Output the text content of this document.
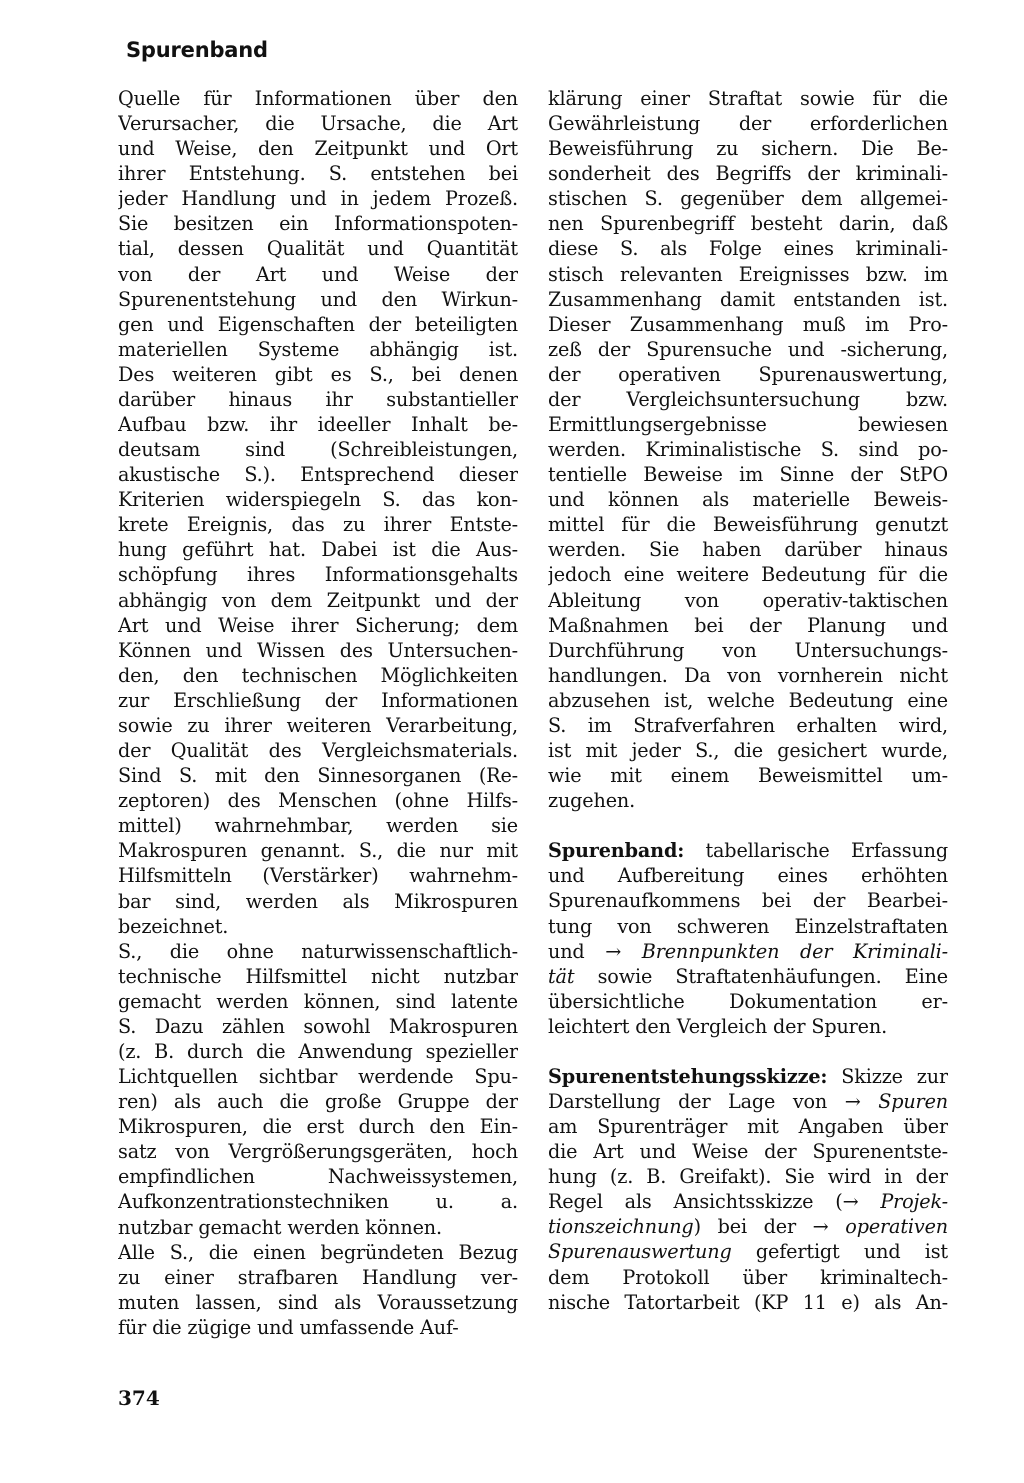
Spurenband
Quelle für Informationen über den
Verursacher, die Ursache, die Art
und Weise, den Zeitpunkt und Ort
ihrer Entstehung. S. entstehen bei
jeder Handlung und in jedem Prozeß.
Sie besitzen ein Informationspoten-
tial, dessen Qualität und Quantität
von der Art und Weise der
Spurenentstehung und den Wirkun-
gen und Eigenschaften der beteiligten
materiellen Systeme abhängig ist.
Des weiteren gibt es S., bei denen
darüber hinaus ihr substantieller
Aufbau bzw. ihr ideeller Inhalt be-
deutsam sind (Schreibleistungen,
akustische S.). Entsprechend dieser
Kriterien widerspiegeln S. das kon-
krete Ereignis, das zu ihrer Entste-
hung geführt hat. Dabei ist die Aus-
schöpfung ihres Informationsgehalts
abhängig von dem Zeitpunkt und der
Art und Weise ihrer Sicherung; dem
Können und Wissen des Untersuchen-
den, den technischen Möglichkeiten
zur Erschließung der Informationen
sowie zu ihrer weiteren Verarbeitung,
der Qualität des Vergleichsmaterials.
Sind S. mit den Sinnesorganen (Re-
zeptoren) des Menschen (ohne Hilfs-
mittel) wahrnehmbar, werden sie
Makrospuren genannt. S., die nur mit
Hilfsmitteln (Verstärker) wahrnehm-
bar sind, werden als Mikrospuren
bezeichnet.
S., die ohne naturwissenschaftlich-
technische Hilfsmittel nicht nutzbar
gemacht werden können, sind latente
S. Dazu zählen sowohl Makrospuren
(z. B. durch die Anwendung spezieller
Lichtquellen sichtbar werdende Spu-
ren) als auch die große Gruppe der
Mikrospuren, die erst durch den Ein-
satz von Vergrößerungsgeräten, hoch
empfindlichen Nachweissystemen,
Aufkonzentrationstechniken u. a.
nutzbar gemacht werden können.
Alle S., die einen begründeten Bezug
zu einer strafbaren Handlung ver-
muten lassen, sind als Voraussetzung
für die zügige und umfassende Auf-
klärung einer Straftat sowie für die
Gewährleistung der erforderlichen
Beweisführung zu sichern. Die Be-
sonderheit des Begriffs der kriminali-
stischen S. gegenüber dem allgemei-
nen Spurenbegriff besteht darin, daß
diese S. als Folge eines kriminali-
stisch relevanten Ereignisses bzw. im
Zusammenhang damit entstanden ist.
Dieser Zusammenhang muß im Pro-
zeß der Spurensuche und -sicherung,
der operativen Spurenauswertung,
der Vergleichsuntersuchung bzw.
Ermittlungsergebnisse bewiesen
werden. Kriminalistische S. sind po-
tentielle Beweise im Sinne der StPO
und können als materielle Beweis-
mittel für die Beweisführung genutzt
werden. Sie haben darüber hinaus
jedoch eine weitere Bedeutung für die
Ableitung von operativ-taktischen
Maßnahmen bei der Planung und
Durchführung von Untersuchungs-
handlungen. Da von vornherein nicht
abzusehen ist, welche Bedeutung eine
S. im Strafverfahren erhalten wird,
ist mit jeder S., die gesichert wurde,
wie mit einem Beweismittel um-
zugehen.
Spurenband: tabellarische Erfassung
und Aufbereitung eines erhöhten
Spurenaufkommens bei der Bearbei-
tung von schweren Einzelstraftaten
und → Brennpunkten der Kriminali-
tät sowie Straftatenhäufungen. Eine
übersichtliche Dokumentation er-
leichtert den Vergleich der Spuren.
Spurenentstehungsskizze: Skizze zur
Darstellung der Lage von → Spuren
am Spurenträger mit Angaben über
die Art und Weise der Spurenentste-
hung (z. B. Greifakt). Sie wird in der
Regel als Ansichtsskizze (→ Projek-
tionszeichnung) bei der → operativen
Spurenauswertung gefertigt und ist
dem Protokoll über kriminaltech-
nische Tatortarbeit (KP 11 e) als An-
374
